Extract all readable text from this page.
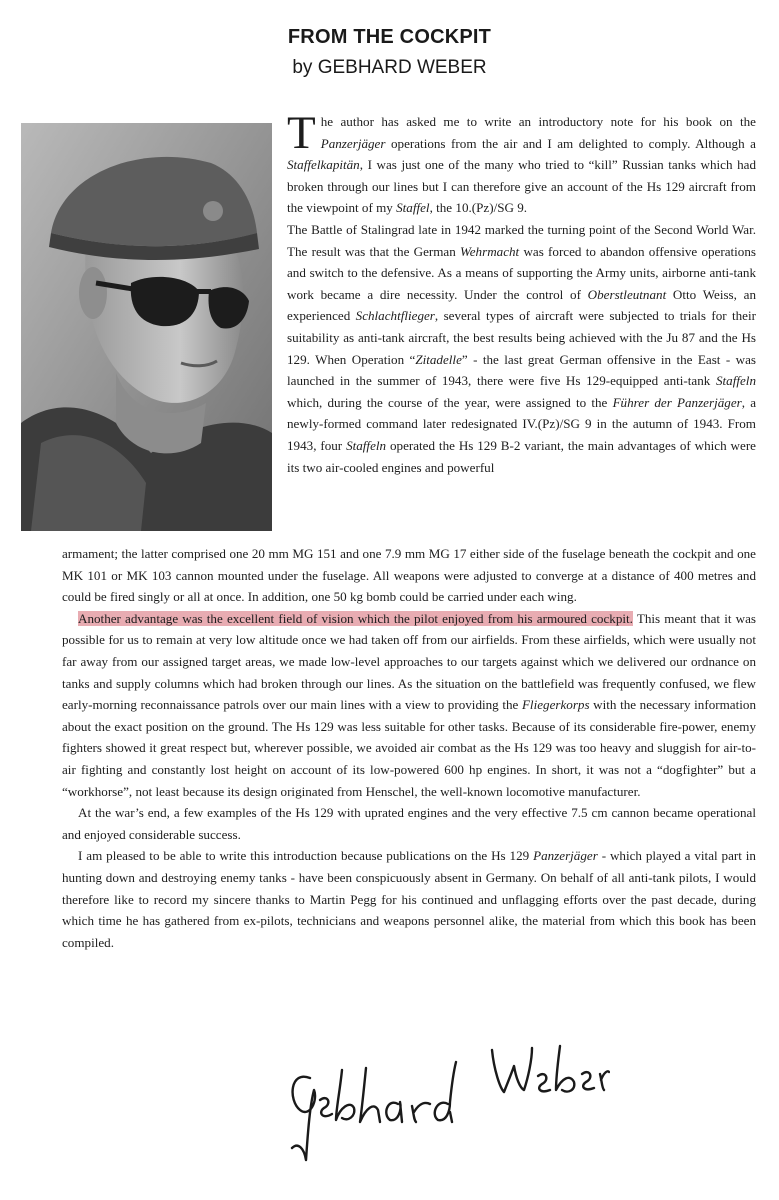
FROM THE COCKPIT
by GEBHARD WEBER

The author has asked me to write an introductory note for his book on the Panzerjäger operations from the air and I am delighted to comply. Although a Staffelkapitän, I was just one of the many who tried to “kill” Russian tanks which had broken through our lines but I can therefore give an account of the Hs 129 aircraft from the viewpoint of my Staffel, the 10.(Pz)/SG 9.

The Battle of Stalingrad late in 1942 marked the turning point of the Second World War. The result was that the German Wehrmacht was forced to abandon offensive operations and switch to the defensive. As a means of supporting the Army units, airborne anti-tank work became a dire necessity. Under the control of Oberstleutnant Otto Weiss, an experienced Schlachtflieger, several types of aircraft were subjected to trials for their suitability as anti-tank aircraft, the best results being achieved with the Ju 87 and the Hs 129. When Operation “Zitadelle” - the last great German offensive in the East - was launched in the summer of 1943, there were five Hs 129-equipped anti-tank Staffeln which, during the course of the year, were assigned to the Führer der Panzerjäger, a newly-formed command later redesignated IV.(Pz)/SG 9 in the autumn of 1943. From 1943, four Staffeln operated the Hs 129 B-2 variant, the main advantages of which were its two air-cooled engines and powerful

armament; the latter comprised one 20 mm MG 151 and one 7.9 mm MG 17 either side of the fuselage beneath the cockpit and one MK 101 or MK 103 cannon mounted under the fuselage. All weapons were adjusted to converge at a distance of 400 metres and could be fired singly or all at once. In addition, one 50 kg bomb could be carried under each wing.

Another advantage was the excellent field of vision which the pilot enjoyed from his armoured cockpit. This meant that it was possible for us to remain at very low altitude once we had taken off from our airfields. From these airfields, which were usually not far away from our assigned target areas, we made low-level approaches to our targets against which we delivered our ordnance on tanks and supply columns which had broken through our lines. As the situation on the battlefield was frequently confused, we flew early-morning reconnaissance patrols over our main lines with a view to providing the Fliegerkorps with the necessary information about the exact position on the ground. The Hs 129 was less suitable for other tasks. Because of its considerable fire-power, enemy fighters showed it great respect but, wherever possible, we avoided air combat as the Hs 129 was too heavy and sluggish for air-to-air fighting and constantly lost height on account of its low-powered 600 hp engines. In short, it was not a “dogfighter” but a “workhorse”, not least because its design originated from Henschel, the well-known locomotive manufacturer.

At the war’s end, a few examples of the Hs 129 with uprated engines and the very effective 7.5 cm cannon became operational and enjoyed considerable success.

I am pleased to be able to write this introduction because publications on the Hs 129 Panzerjäger - which played a vital part in hunting down and destroying enemy tanks - have been conspicuously absent in Germany. On behalf of all anti-tank pilots, I would therefore like to record my sincere thanks to Martin Pegg for his continued and unflagging efforts over the past decade, during which time he has gathered from ex-pilots, technicians and weapons personnel alike, the material from which this book has been compiled.
